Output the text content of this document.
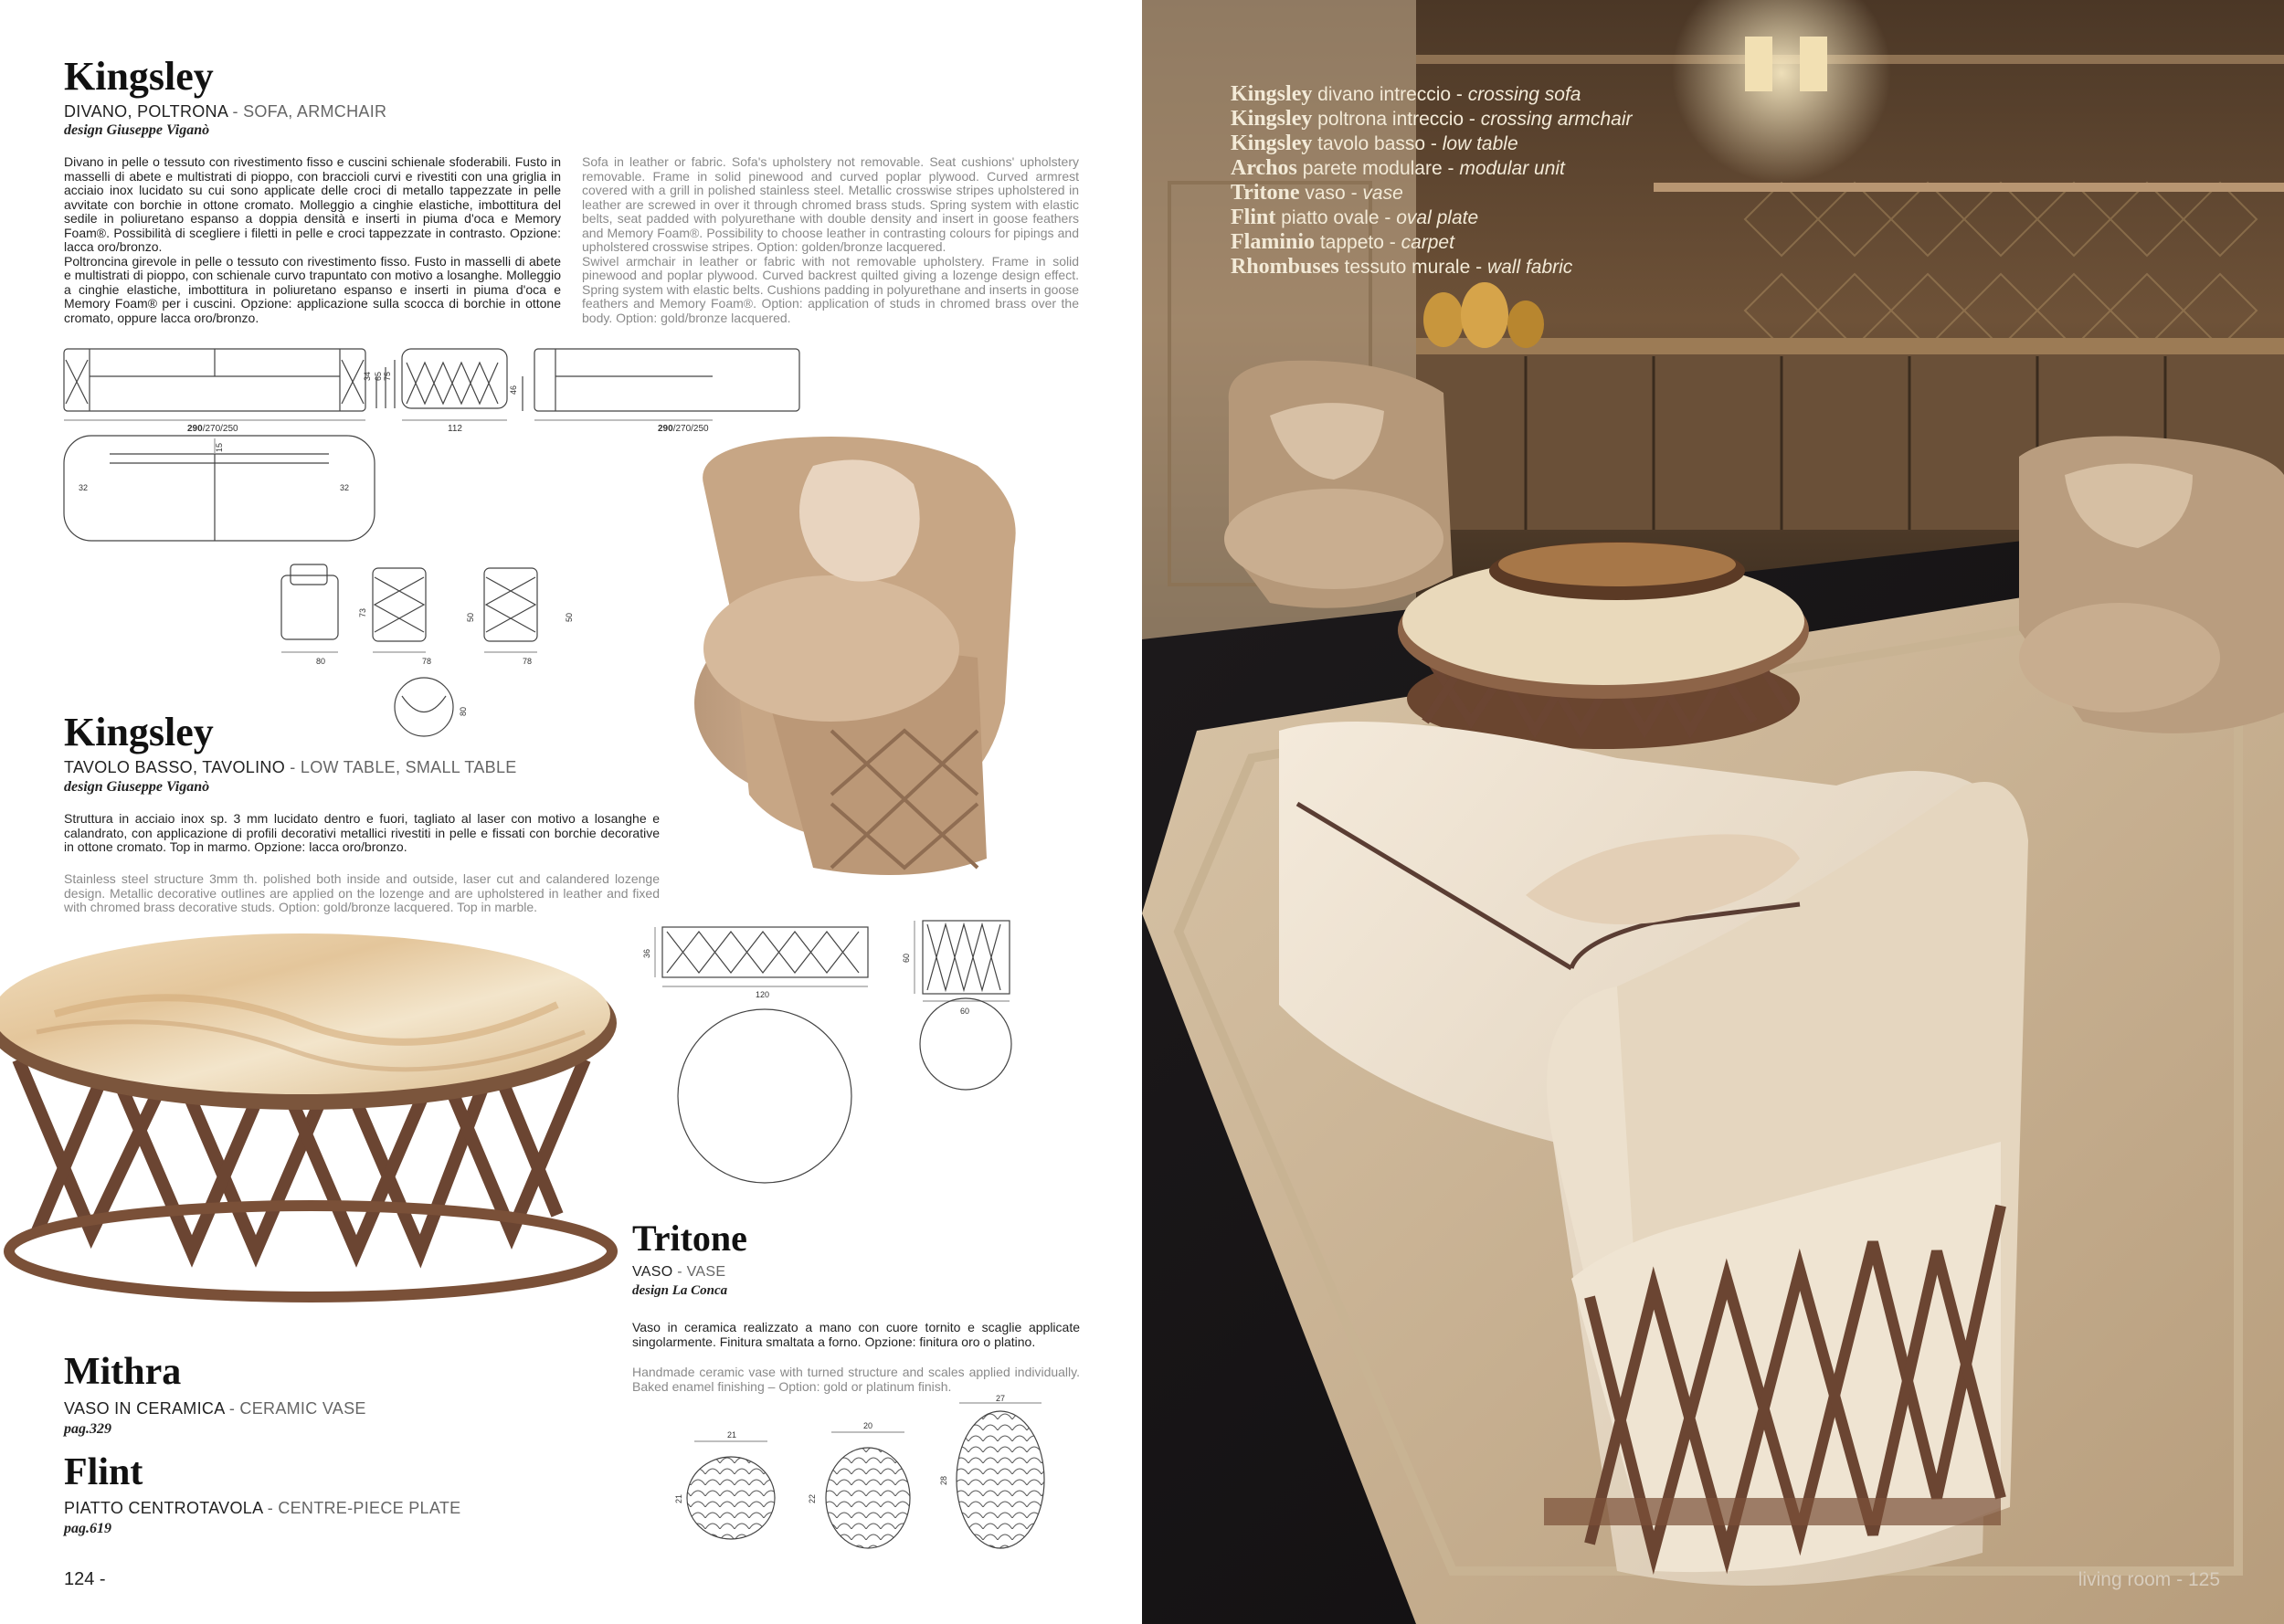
Kingsley
DIVANO, POLTRONA - SOFA, ARMCHAIR
design Giuseppe Viganò
Divano in pelle o tessuto con rivestimento fisso e cuscini schienale sfoderabili. Fusto in masselli di abete e multistrati di pioppo, con braccioli curvi e rivestiti con una griglia in acciaio inox lucidato su cui sono applicate delle croci di metallo tappezzate in pelle avvitate con borchie in ottone cromato. Molleggio a cinghie elastiche, imbottitura del sedile in poliuretano espanso a doppia densità e inserti in piuma d'oca e Memory Foam®. Possibilità di scegliere i filetti in pelle e croci tappezzate in contrasto. Opzione: lacca oro/bronzo.
Poltroncina girevole in pelle o tessuto con rivestimento fisso. Fusto in masselli di abete e multistrati di pioppo, con schienale curvo trapuntato con motivo a losanghe. Molleggio a cinghie elastiche, imbottitura in poliuretano espanso e inserti in piuma d'oca e Memory Foam® per i cuscini. Opzione: applicazione sulla scocca di borchie in ottone cromato, oppure lacca oro/bronzo.
Sofa in leather or fabric. Sofa's upholstery not removable. Seat cushions' upholstery removable. Frame in solid pinewood and curved poplar plywood. Curved armrest covered with a grill in polished stainless steel. Metallic crosswise stripes upholstered in leather are screwed in over it through chromed brass studs. Spring system with elastic belts, seat padded with polyurethane with double density and insert in goose feathers and Memory Foam®. Possibility to choose leather in contrasting colours for pipings and upholstered crosswise stripes. Option: golden/bronze lacquered.
Swivel armchair in leather or fabric with not removable upholstery. Frame in solid pinewood and poplar plywood. Curved backrest quilted giving a lozenge design effect. Spring system with elastic belts. Cushions padding in polyurethane and inserts in goose feathers and Memory Foam®. Option: application of studs in chromed brass over the body. Option: gold/bronze lacquered.
290/270/250	112	290/270/250
34 65 75
46
15
32	32
80	78	78
73	50	50
80
Kingsley
TAVOLO BASSO, TAVOLINO - LOW TABLE, SMALL TABLE
design Giuseppe Viganò
Struttura in acciaio inox sp. 3 mm lucidato dentro e fuori, tagliato al laser con motivo a losanghe e calandrato, con applicazione di profili decorativi metallici rivestiti in pelle e fissati con borchie decorative in ottone cromato. Top in marmo. Opzione: lacca oro/bronzo.
Stainless steel structure 3mm th. polished both inside and outside, laser cut and calandered lozenge design. Metallic decorative outlines are applied on the lozenge and are upholstered in leather and fixed with chromed brass decorative studs. Option: gold/bronze lacquered. Top in marble.
36
120
60
60
Tritone
VASO - VASE
design La Conca
Vaso in ceramica realizzato a mano con cuore tornito e scaglie applicate singolarmente. Finitura smaltata a forno. Opzione: finitura oro o platino.
Handmade ceramic vase with turned structure and scales applied individually. Baked enamel finishing – Option: gold or platinum finish.
21
21
20
22
27
28
Mithra
VASO IN CERAMICA - CERAMIC VASE
pag.329
Flint
PIATTO CENTROTAVOLA - CENTRE-PIECE PLATE
pag.619
124 -
Kingsley divano intreccio - crossing sofa
Kingsley poltrona intreccio - crossing armchair
Kingsley tavolo basso - low table
Archos parete modulare - modular unit
Tritone vaso - vase
Flint piatto ovale - oval plate
Flaminio tappeto - carpet
Rhombuses tessuto murale - wall fabric
living room - 125
